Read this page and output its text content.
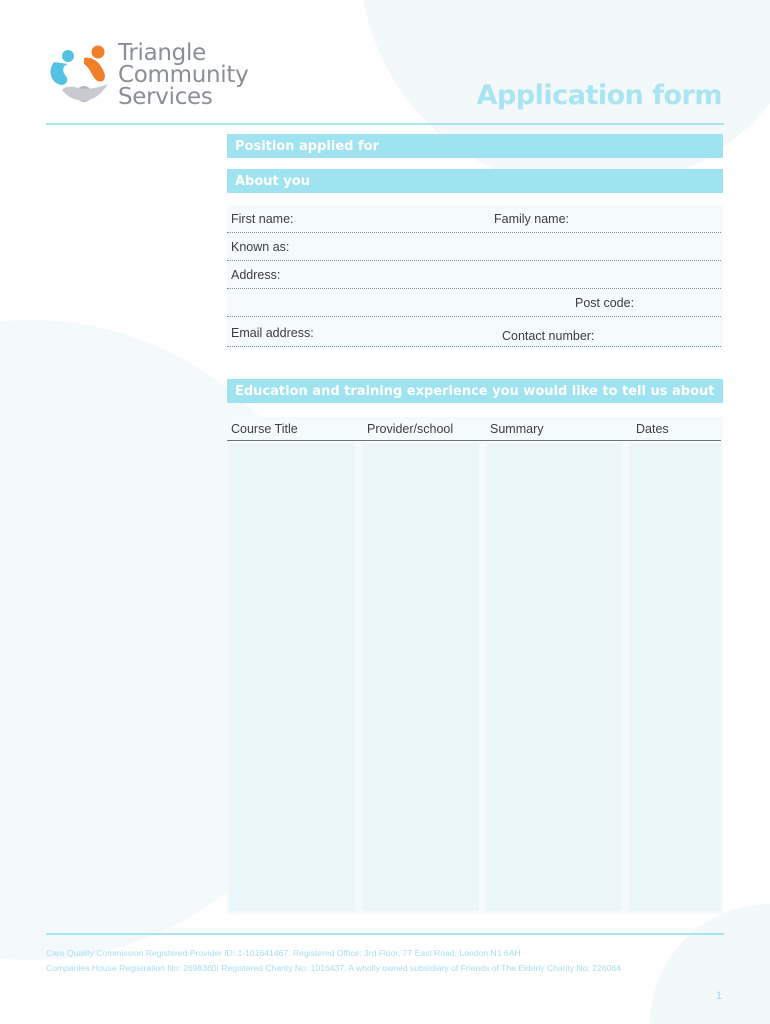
Triangle
Community
Services	Application form
Position applied for
About you
First name:	Family name:
Known as:
Address:
Post code:
Email address:	Contact number:
Education and training experience you would like to tell us about
Course Title	Provider/school	Summary	Dates
Care Quality Commission Registered Provider ID: 1-101641467. Registered Office: 3rd Floor, 77 East Road, London N1 6AH
Companies House Registration No: 2698380; Registered Charity No: 1016437. A wholly owned subsidiary of Friends of The Elderly Charity No: 226064
1
